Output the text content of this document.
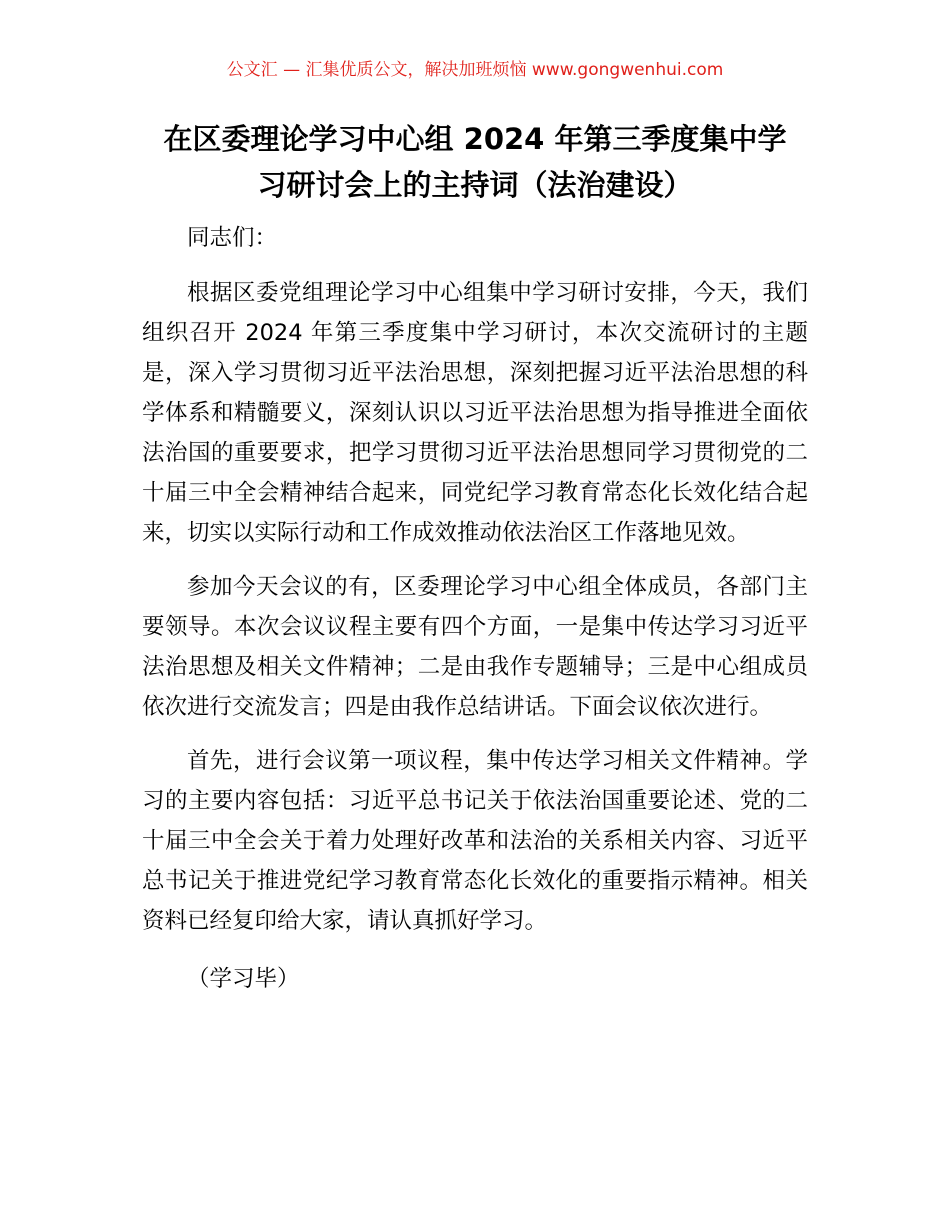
公文汇 — 汇集优质公文，解决加班烦恼 www.gongwenhui.com
在区委理论学习中心组 2024 年第三季度集中学
习研讨会上的主持词（法治建设）

同志们：

根据区委党组理论学习中心组集中学习研讨安排，今天，我们组织召开 2024 年第三季度集中学习研讨，本次交流研讨的主题是，深入学习贯彻习近平法治思想，深刻把握习近平法治思想的科学体系和精髓要义，深刻认识以习近平法治思想为指导推进全面依法治国的重要要求，把学习贯彻习近平法治思想同学习贯彻党的二十届三中全会精神结合起来，同党纪学习教育常态化长效化结合起来，切实以实际行动和工作成效推动依法治区工作落地见效。

参加今天会议的有，区委理论学习中心组全体成员，各部门主要领导。本次会议议程主要有四个方面，一是集中传达学习习近平法治思想及相关文件精神；二是由我作专题辅导；三是中心组成员依次进行交流发言；四是由我作总结讲话。下面会议依次进行。

首先，进行会议第一项议程，集中传达学习相关文件精神。学习的主要内容包括：习近平总书记关于依法治国重要论述、党的二十届三中全会关于着力处理好改革和法治的关系相关内容、习近平总书记关于推进党纪学习教育常态化长效化的重要指示精神。相关资料已经复印给大家，请认真抓好学习。

（学习毕）
